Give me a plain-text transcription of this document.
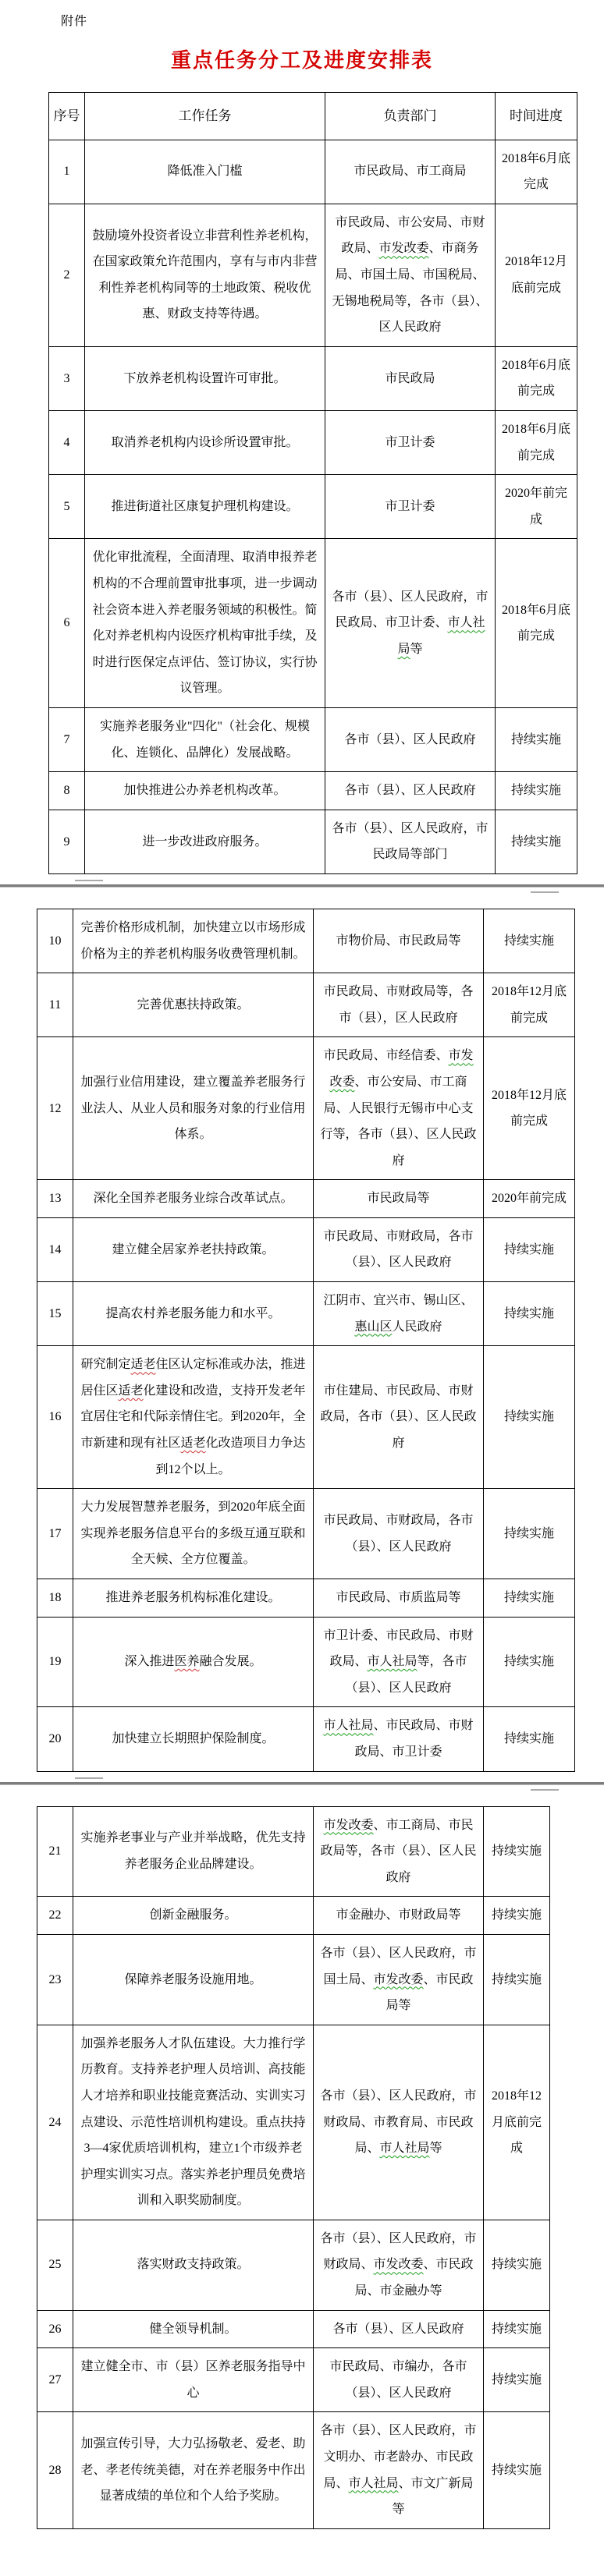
附件
重点任务分工及进度安排表
序号	工作任务	负责部门	时间进度
1	降低准入门槛	市民政局、市工商局	2018年6月底完成
2	鼓励境外投资者设立非营利性养老机构，在国家政策允许范围内，享有与市内非营利性养老机构同等的土地政策、税收优惠、财政支持等待遇。	市民政局、市公安局、市财政局、市发改委、市商务局、市国土局、市国税局、无锡地税局等，各市（县）、区人民政府	2018年12月底前完成
3	下放养老机构设置许可审批。	市民政局	2018年6月底前完成
4	取消养老机构内设诊所设置审批。	市卫计委	2018年6月底前完成
5	推进街道社区康复护理机构建设。	市卫计委	2020年前完成
6	优化审批流程，全面清理、取消申报养老机构的不合理前置审批事项，进一步调动社会资本进入养老服务领域的积极性。简化对养老机构内设医疗机构审批手续，及时进行医保定点评估、签订协议，实行协议管理。	各市（县）、区人民政府，市民政局、市卫计委、市人社局等	2018年6月底前完成
7	实施养老服务业"四化"（社会化、规模化、连锁化、品牌化）发展战略。	各市（县）、区人民政府	持续实施
8	加快推进公办养老机构改革。	各市（县）、区人民政府	持续实施
9	进一步改进政府服务。	各市（县）、区人民政府，市民政局等部门	持续实施
10	完善价格形成机制，加快建立以市场形成价格为主的养老机构服务收费管理机制。	市物价局、市民政局等	持续实施
11	完善优惠扶持政策。	市民政局、市财政局等，各市（县），区人民政府	2018年12月底前完成
12	加强行业信用建设，建立覆盖养老服务行业法人、从业人员和服务对象的行业信用体系。	市民政局、市经信委、市发改委、市公安局、市工商局、人民银行无锡市中心支行等，各市（县）、区人民政府	2018年12月底前完成
13	深化全国养老服务业综合改革试点。	市民政局等	2020年前完成
14	建立健全居家养老扶持政策。	市民政局、市财政局，各市（县）、区人民政府	持续实施
15	提高农村养老服务能力和水平。	江阴市、宜兴市、锡山区、惠山区人民政府	持续实施
16	研究制定适老住区认定标准或办法，推进居住区适老化建设和改造，支持开发老年宜居住宅和代际亲情住宅。到2020年，全市新建和现有社区适老化改造项目力争达到12个以上。	市住建局、市民政局、市财政局，各市（县）、区人民政府	持续实施
17	大力发展智慧养老服务，到2020年底全面实现养老服务信息平台的多级互通互联和全天候、全方位覆盖。	市民政局、市财政局，各市（县）、区人民政府	持续实施
18	推进养老服务机构标准化建设。	市民政局、市质监局等	持续实施
19	深入推进医养融合发展。	市卫计委、市民政局、市财政局、市人社局等，各市（县）、区人民政府	持续实施
20	加快建立长期照护保险制度。	市人社局、市民政局、市财政局、市卫计委	持续实施
21	实施养老事业与产业并举战略，优先支持养老服务企业品牌建设。	市发改委、市工商局、市民政局等，各市（县）、区人民政府	持续实施
22	创新金融服务。	市金融办、市财政局等	持续实施
23	保障养老服务设施用地。	各市（县）、区人民政府，市国土局、市发改委、市民政局等	持续实施
24	加强养老服务人才队伍建设。大力推行学历教育。支持养老护理人员培训、高技能人才培养和职业技能竞赛活动、实训实习点建设、示范性培训机构建设。重点扶持3—4家优质培训机构，建立1个市级养老护理实训实习点。落实养老护理员免费培训和入职奖励制度。	各市（县）、区人民政府，市财政局、市教育局、市民政局、市人社局等	2018年12月底前完成
25	落实财政支持政策。	各市（县）、区人民政府，市财政局、市发改委、市民政局、市金融办等	持续实施
26	健全领导机制。	各市（县）、区人民政府	持续实施
27	建立健全市、市（县）区养老服务指导中心	市民政局、市编办，各市（县）、区人民政府	持续实施
28	加强宣传引导，大力弘扬敬老、爱老、助老、孝老传统美德，对在养老服务中作出显著成绩的单位和个人给予奖励。	各市（县）、区人民政府，市文明办、市老龄办、市民政局、市人社局、市文广新局等	持续实施
